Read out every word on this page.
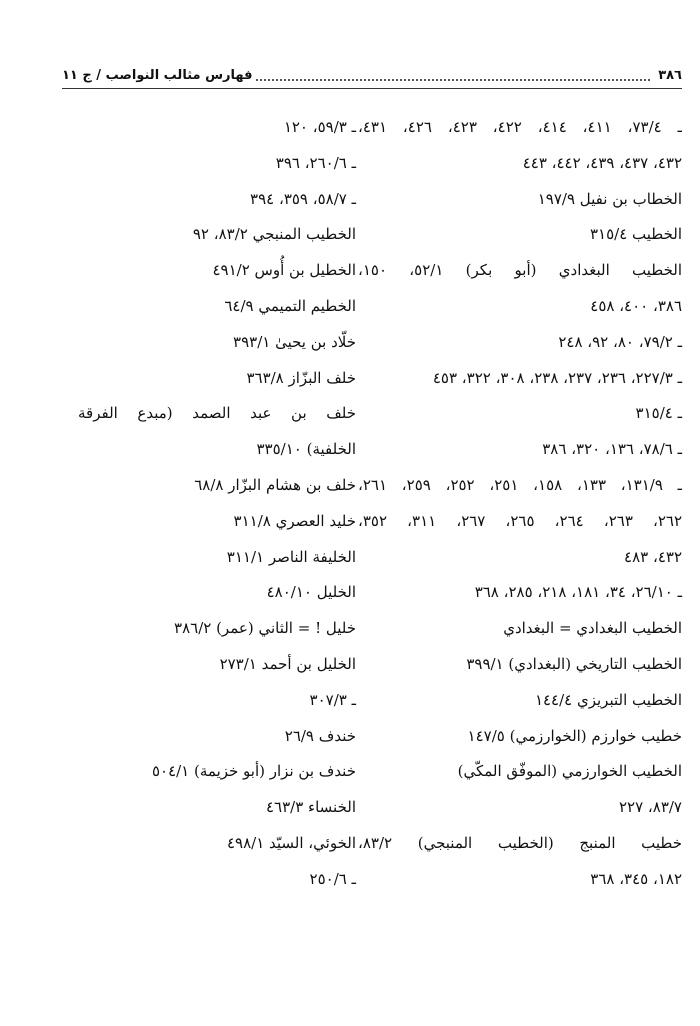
٣٨٦
فهارس مثالب النواصب / ج ١١
ـ ٧٣/٤، ٤١١، ٤١٤، ٤٢٢، ٤٢٣، ٤٢٦، ٤٣١،
٤٣٢، ٤٣٧، ٤٣٩، ٤٤٢، ٤٤٣
الخطاب بن نفيل ١٩٧/٩
الخطيب ٣١٥/٤
الخطيب البغدادي (أبو بكر) ٥٢/١، ١٥٠،
٣٨٦، ٤٠٠، ٤٥٨
ـ ٧٩/٢، ٨٠، ٩٢، ٢٤٨
ـ ٢٢٧/٣، ٢٣٦، ٢٣٧، ٢٣٨، ٣٠٨، ٣٢٢، ٤٥٣
ـ ٣١٥/٤
ـ ٧٨/٦، ١٣٦، ٣٢٠، ٣٨٦
ـ ١٣١/٩، ١٣٣، ١٥٨، ٢٥١، ٢٥٢، ٢٥٩، ٢٦١،
٢٦٢، ٢٦٣، ٢٦٤، ٢٦٥، ٢٦٧، ٣١١، ٣٥٢،
٤٣٢، ٤٨٣
ـ ٢٦/١٠، ٣٤، ١٨١، ٢١٨، ٢٨٥، ٣٦٨
الخطيب البغدادي = البغدادي
الخطيب التاريخي (البغدادي) ٣٩٩/١
الخطيب التبريزي ١٤٤/٤
خطيب خوارزم (الخوارزمي) ١٤٧/٥
الخطيب الخوارزمي (الموفّق المكّي)
٨٣/٧، ٢٢٧
خطيب المنبج (الخطيب المنبجي) ٨٣/٢،
١٨٢، ٣٤٥، ٣٦٨
ـ ٥٩/٣، ١٢٠
ـ ٢٦٠/٦، ٣٩٦
ـ ٥٨/٧، ٣٥٩، ٣٩٤
الخطيب المنبجي ٨٣/٢، ٩٢
الخطيل بن أُوس ٤٩١/٢
الخطيم التميمي ٦٤/٩
خلّاد بن يحيىٰ ٣٩٣/١
خلف البزّاز ٣٦٣/٨
خلف بن عبد الصمد (مبدع الفرقة
الخلفية) ٣٣٥/١٠
خلف بن هشام البزّار ٦٨/٨
خليد العصري ٣١١/٨
الخليفة الناصر ٣١١/١
الخليل ٤٨٠/١٠
خليل ! = الثاني (عمر) ٣٨٦/٢
الخليل بن أحمد ٢٧٣/١
ـ ٣٠٧/٣
خندف ٢٦/٩
خندف بن نزار (أبو خزيمة) ٥٠٤/١
الخنساء ٤٦٣/٣
الخوئي، السيّد ٤٩٨/١
ـ ٢٥٠/٦
